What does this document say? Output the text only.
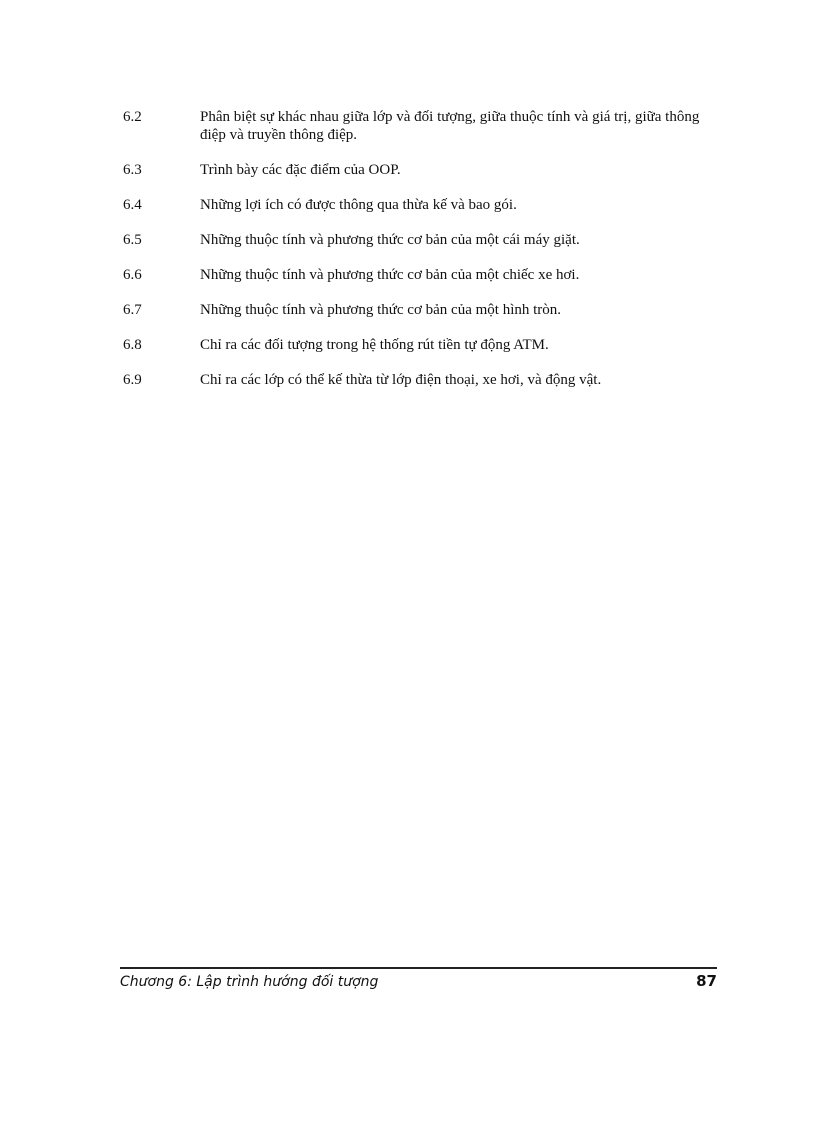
6.2	Phân biệt sự khác nhau giữa lớp và đối tượng, giữa thuộc tính và giá trị, giữa thông điệp và truyền thông điệp.
6.3	Trình bày các đặc điểm của OOP.
6.4	Những lợi ích có được thông qua thừa kế và bao gói.
6.5	Những thuộc tính và phương thức cơ bản của một cái máy giặt.
6.6	Những thuộc tính và phương thức cơ bản của một chiếc xe hơi.
6.7	Những thuộc tính và phương thức cơ bản của một hình tròn.
6.8	Chỉ ra các đối tượng trong hệ thống rút tiền tự động ATM.
6.9	Chỉ ra các lớp có thể kế thừa từ lớp điện thoại, xe hơi, và động vật.
Chương 6: Lập trình hướng đối tượng	87
